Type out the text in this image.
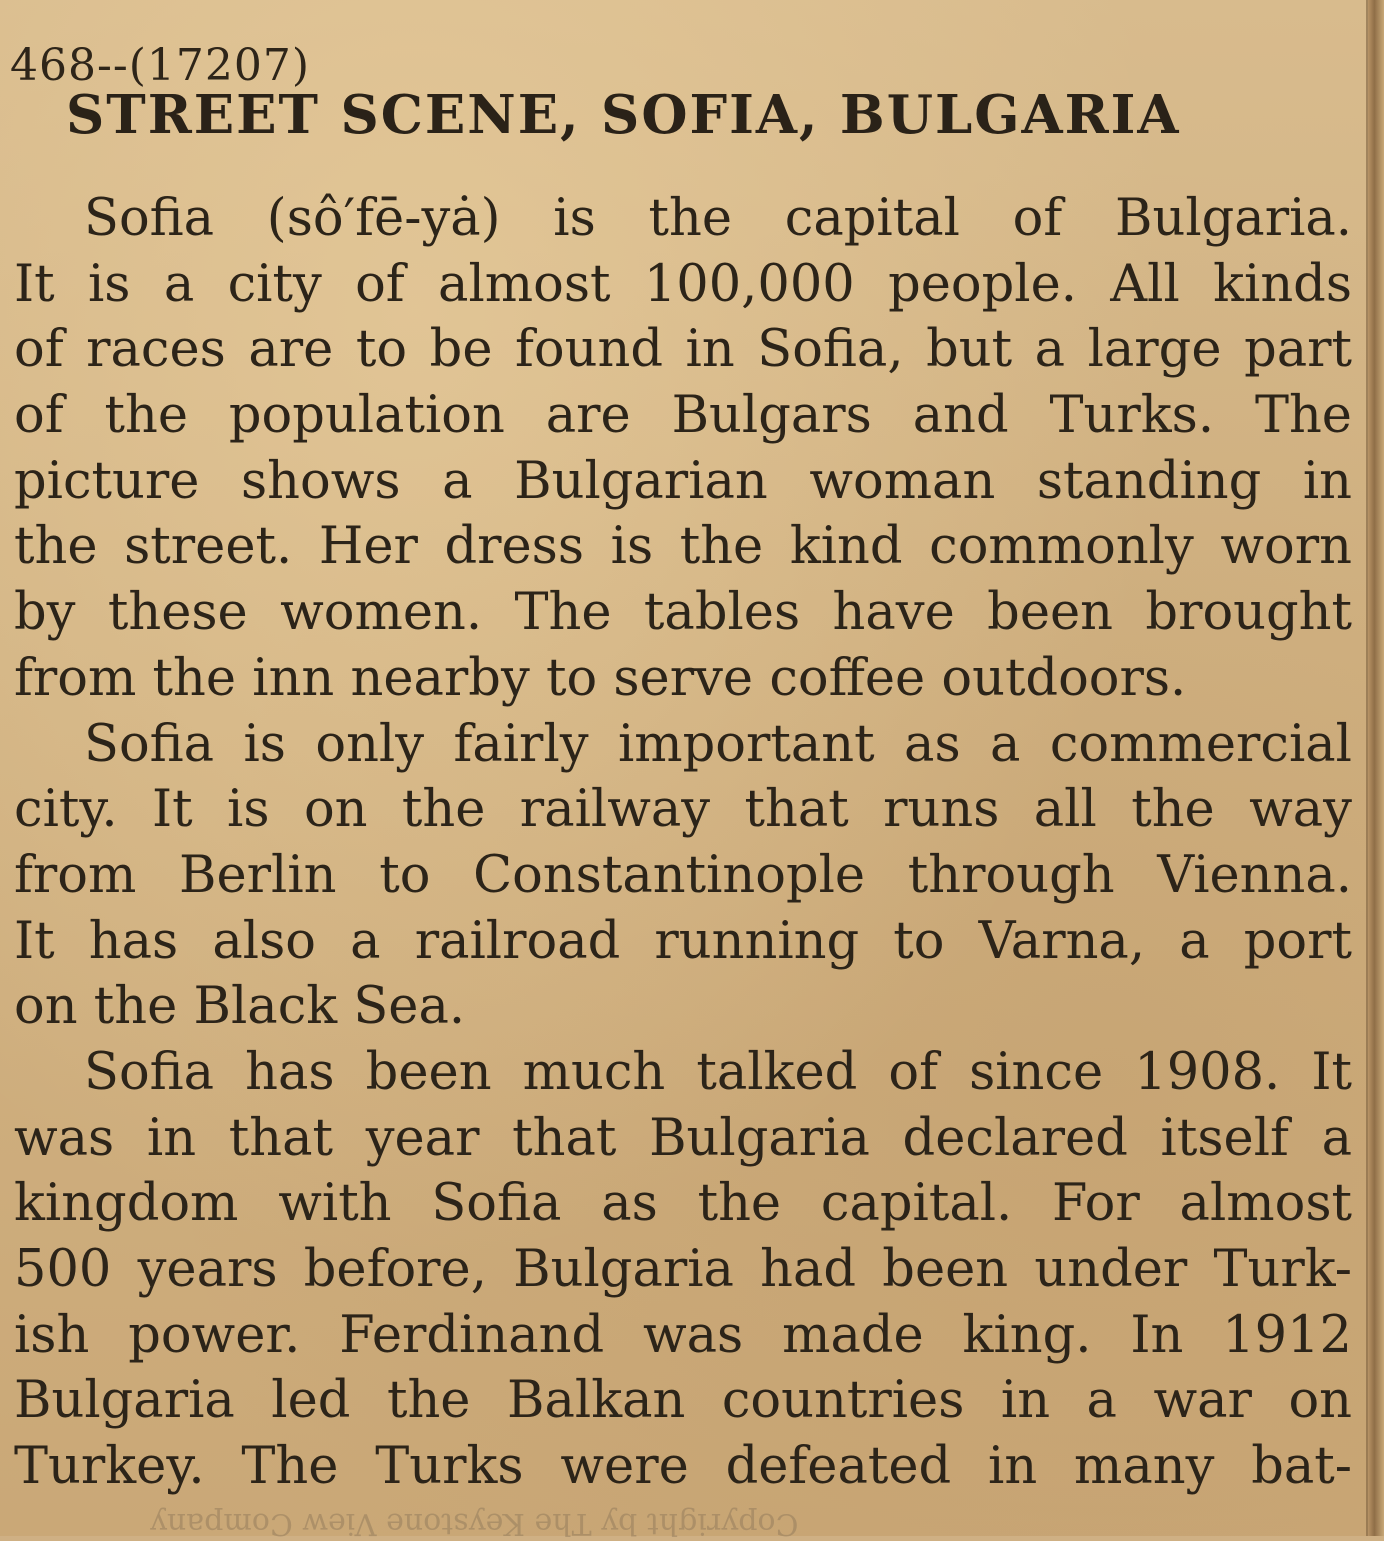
468--(17207)
STREET SCENE, SOFIA, BULGARIA
Sofia (sô′fē-yȧ) is the capital of Bulgaria.
It is a city of almost 100,000 people. All kinds
of races are to be found in Sofia, but a large part
of the population are Bulgars and Turks. The
picture shows a Bulgarian woman standing in
the street. Her dress is the kind commonly worn
by these women. The tables have been brought
from the inn nearby to serve coffee outdoors.
Sofia is only fairly important as a commercial
city. It is on the railway that runs all the way
from Berlin to Constantinople through Vienna.
It has also a railroad running to Varna, a port
on the Black Sea.
Sofia has been much talked of since 1908. It
was in that year that Bulgaria declared itself a
kingdom with Sofia as the capital. For almost
500 years before, Bulgaria had been under Turk-
ish power. Ferdinand was made king. In 1912
Bulgaria led the Balkan countries in a war on
Turkey. The Turks were defeated in many bat-
Copyright by The Keystone View Company
